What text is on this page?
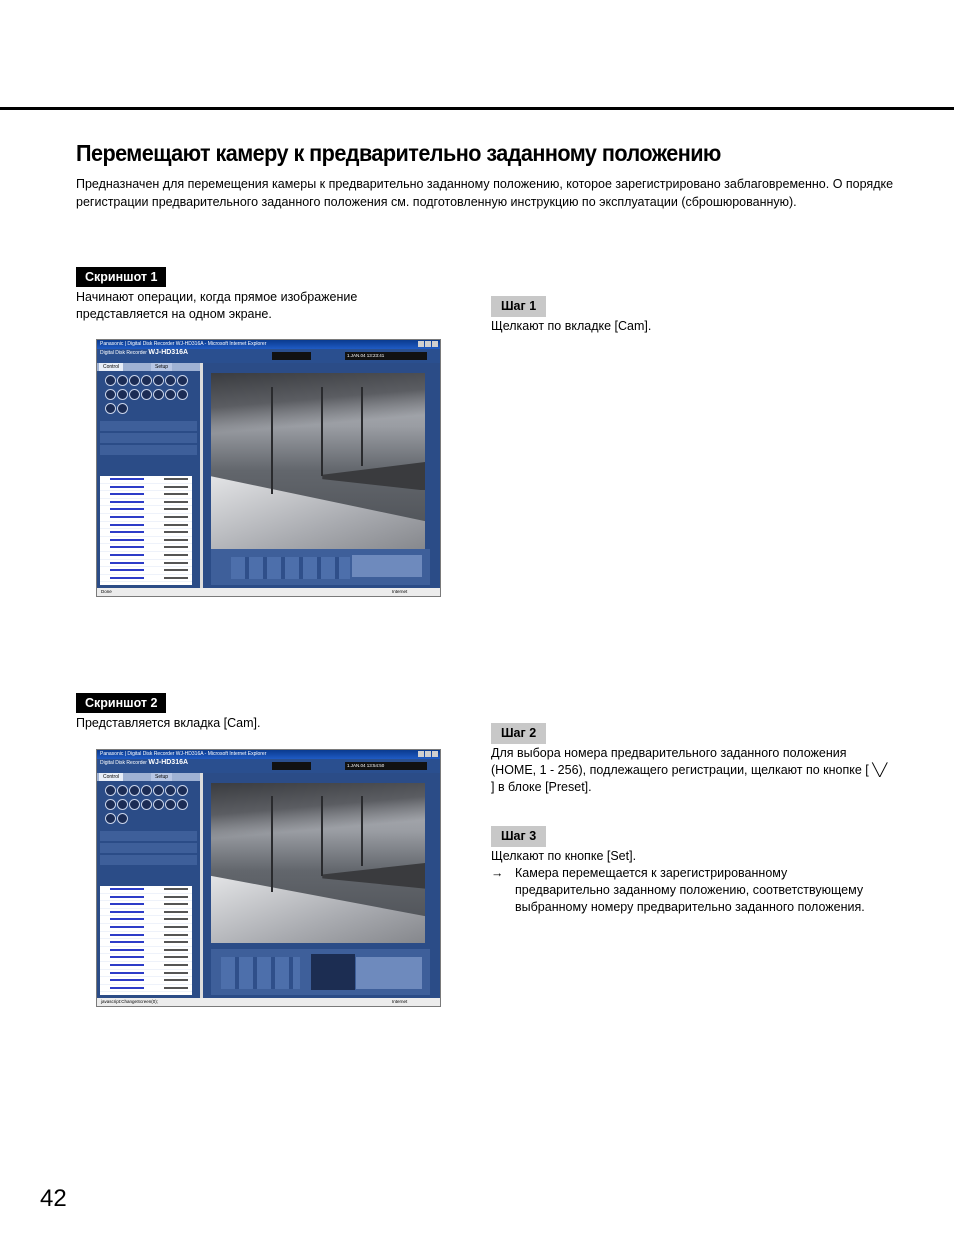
Перемещают камеру к предварительно заданному положению
Предназначен для перемещения камеры к предварительно заданному положению, которое зарегистрировано заблаговременно. О порядке регистрации предварительного заданного положения см. подготовленную инструкцию по эксплуатации (сброшюрованную).
Скриншот 1
Начинают операции, когда прямое изображение представляется на одном экране.
Panasonic | Digital Disk Recorder WJ-HD316A - Microsoft Internet Explorer
Digital Disk Recorder WJ-HD316A	1.JAN.04 13:23:41
Control	Setup
Done	Internet
Шаг 1
Щелкают по вкладке [Cam].
Скриншот 2
Представляется вкладка [Cam].
Panasonic | Digital Disk Recorder WJ-HD316A - Microsoft Internet Explorer
Digital Disk Recorder WJ-HD316A	1.JAN.04 13:54:50
Control	Setup
javascript:ChangeScreen(0);	Internet
Шаг 2
Для выбора номера предварительного заданного положения (HOME, 1 - 256), подлежащего регистрации, щелкают по кнопке [ ╲╱ ] в блоке [Preset].
Шаг 3
Щелкают по кнопке [Set].
→ Камера перемещается к зарегистрированному предварительно заданному положению, соответствующему выбранному номеру предварительно заданного положения.
42
